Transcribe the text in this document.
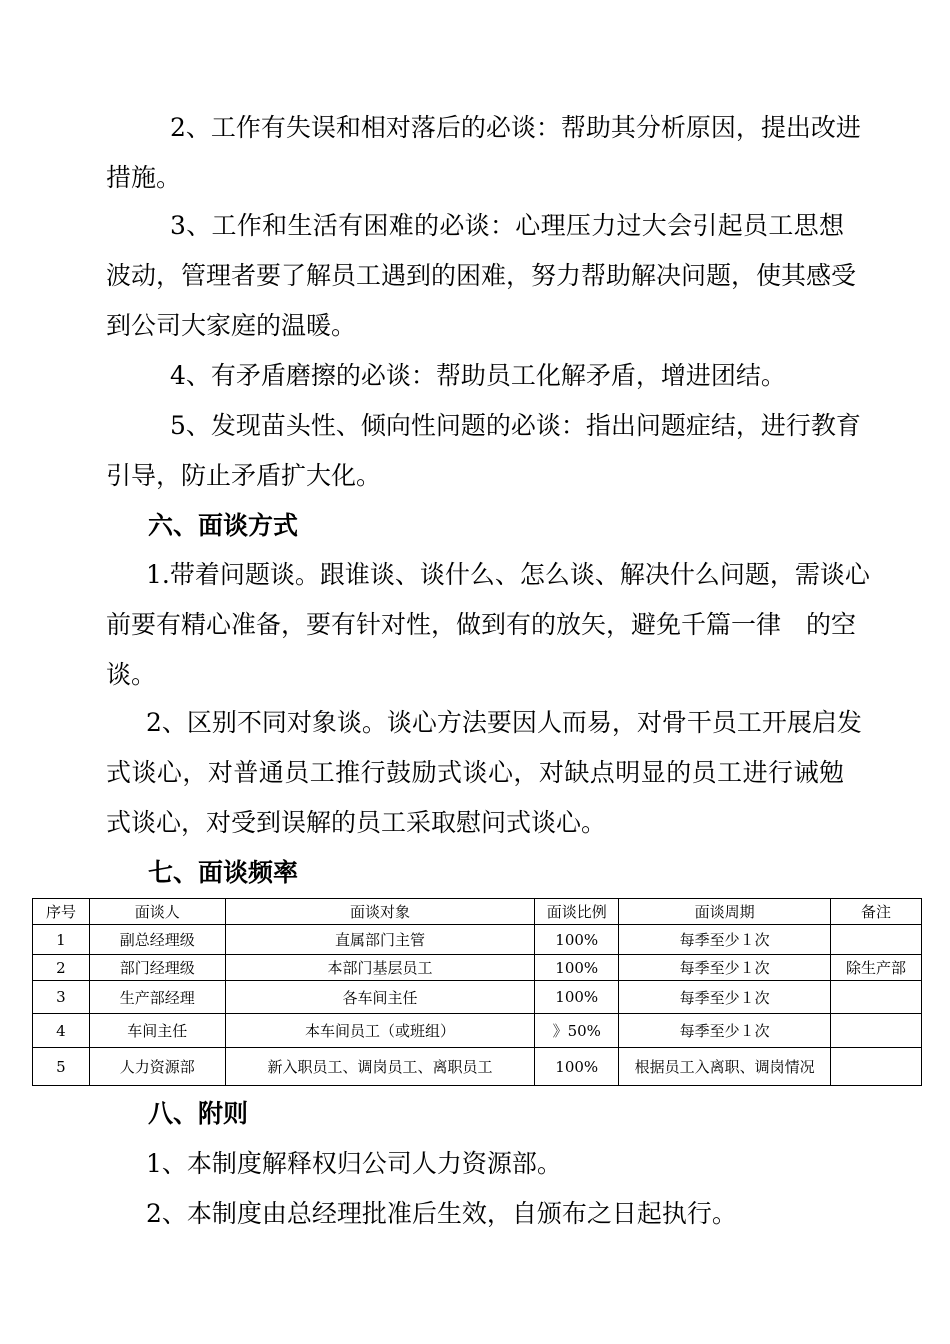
2、工作有失误和相对落后的必谈：帮助其分析原因，提出改进
措施。
3、工作和生活有困难的必谈：心理压力过大会引起员工思想
波动，管理者要了解员工遇到的困难，努力帮助解决问题，使其感受
到公司大家庭的温暖。
4、有矛盾磨擦的必谈：帮助员工化解矛盾，增进团结。
5、发现苗头性、倾向性问题的必谈：指出问题症结，进行教育
引导，防止矛盾扩大化。
六、面谈方式
1.带着问题谈。跟谁谈、谈什么、怎么谈、解决什么问题，需谈心
前要有精心准备，要有针对性，做到有的放矢，避免千篇一律　的空
谈。
2、区别不同对象谈。谈心方法要因人而易，对骨干员工开展启发
式谈心，对普通员工推行鼓励式谈心，对缺点明显的员工进行诫勉
式谈心，对受到误解的员工采取慰问式谈心。
七、面谈频率
序号	面谈人	面谈对象	面谈比例	面谈周期	备注
1	副总经理级	直属部门主管	100%	每季至少１次	
2	部门经理级	本部门基层员工	100%	每季至少１次	除生产部
3	生产部经理	各车间主任	100%	每季至少１次	
4	车间主任	本车间员工（或班组）	》50%	每季至少１次	
5	人力资源部	新入职员工、调岗员工、离职员工	100%	根据员工入离职、调岗情况	
八、附则
1、本制度解释权归公司人力资源部。
2、本制度由总经理批准后生效，自颁布之日起执行。
